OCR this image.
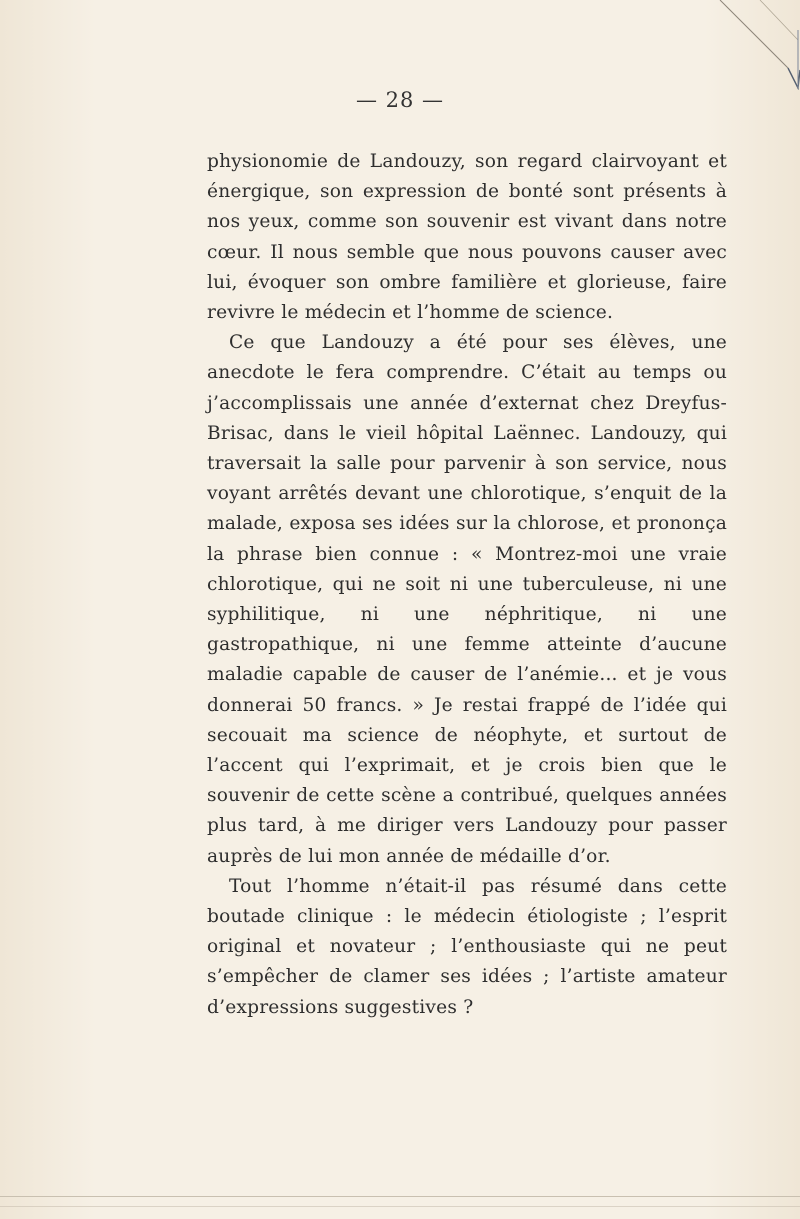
— 28 —

physionomie de Landouzy, son regard clairvoyant et énergique, son expression de bonté sont présents à nos yeux, comme son souvenir est vivant dans notre cœur. Il nous semble que nous pouvons causer avec lui, évoquer son ombre familière et glorieuse, faire revivre le médecin et l’homme de science.

Ce que Landouzy a été pour ses élèves, une anecdote le fera comprendre. C’était au temps ou j’accomplissais une année d’externat chez Dreyfus-Brisac, dans le vieil hôpital Laënnec. Landouzy, qui traversait la salle pour parvenir à son service, nous voyant arrêtés devant une chlorotique, s’enquit de la malade, exposa ses idées sur la chlorose, et prononça la phrase bien connue : « Montrez-moi une vraie chlorotique, qui ne soit ni une tuberculeuse, ni une syphilitique, ni une néphritique, ni une gastropathique, ni une femme atteinte d’aucune maladie capable de causer de l’anémie... et je vous donnerai 50 francs. » Je restai frappé de l’idée qui secouait ma science de néophyte, et surtout de l’accent qui l’exprimait, et je crois bien que le souvenir de cette scène a contribué, quelques années plus tard, à me diriger vers Landouzy pour passer auprès de lui mon année de médaille d’or.

Tout l’homme n’était-il pas résumé dans cette boutade clinique : le médecin étiologiste ; l’esprit original et novateur ; l’enthousiaste qui ne peut s’empêcher de clamer ses idées ; l’artiste amateur d’expressions suggestives ?
